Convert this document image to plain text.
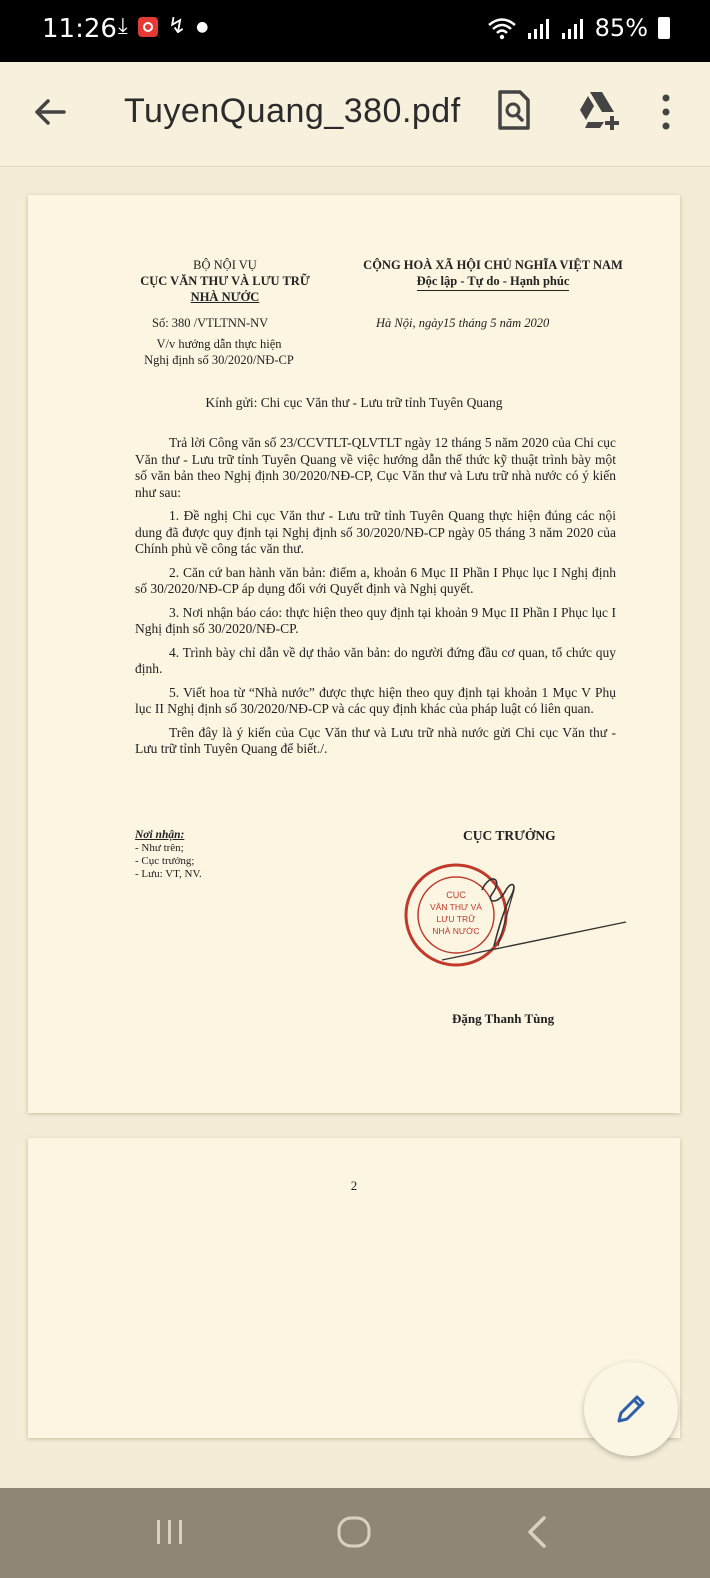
11:26 ⤓ ↯ ●	85%
TuyenQuang_380.pdf
BỘ NỘI VỤ
CỤC VĂN THƯ VÀ LƯU TRỮ
NHÀ NƯỚC
CỘNG HOÀ XÃ HỘI CHỦ NGHĨA VIỆT NAM
Độc lập - Tự do - Hạnh phúc
Số: 380 /VTLTNN-NV	Hà Nội, ngày15 tháng 5 năm 2020
V/v hướng dẫn thực hiện
Nghị định số 30/2020/NĐ-CP
Kính gửi: Chi cục Văn thư - Lưu trữ tỉnh Tuyên Quang

Trả lời Công văn số 23/CCVTLT-QLVTLT ngày 12 tháng 5 năm 2020 của Chi cục Văn thư - Lưu trữ tỉnh Tuyên Quang về việc hướng dẫn thể thức kỹ thuật trình bày một số văn bản theo Nghị định 30/2020/NĐ-CP, Cục Văn thư và Lưu trữ nhà nước có ý kiến như sau:

1. Đề nghị Chi cục Văn thư - Lưu trữ tỉnh Tuyên Quang thực hiện đúng các nội dung đã được quy định tại Nghị định số 30/2020/NĐ-CP ngày 05 tháng 3 năm 2020 của Chính phủ về công tác văn thư.

2. Căn cứ ban hành văn bản: điểm a, khoản 6 Mục II Phần I Phục lục I Nghị định số 30/2020/NĐ-CP áp dụng đối với Quyết định và Nghị quyết.

3. Nơi nhận báo cáo: thực hiện theo quy định tại khoản 9 Mục II Phần I Phục lục I Nghị định số 30/2020/NĐ-CP.

4. Trình bày chỉ dẫn về dự thảo văn bản: do người đứng đầu cơ quan, tổ chức quy định.

5. Viết hoa từ “Nhà nước” được thực hiện theo quy định tại khoản 1 Mục V Phụ lục II Nghị định số 30/2020/NĐ-CP và các quy định khác của pháp luật có liên quan.

Trên đây là ý kiến của Cục Văn thư và Lưu trữ nhà nước gửi Chi cục Văn thư - Lưu trữ tỉnh Tuyên Quang để biết./.

Nơi nhận:
- Như trên;
- Cục trưởng;
- Lưu: VT, NV.
CỤC TRƯỞNG
CỤC
VĂN THƯ VÀ
LƯU TRỮ
NHÀ NƯỚC
Đặng Thanh Tùng
2
